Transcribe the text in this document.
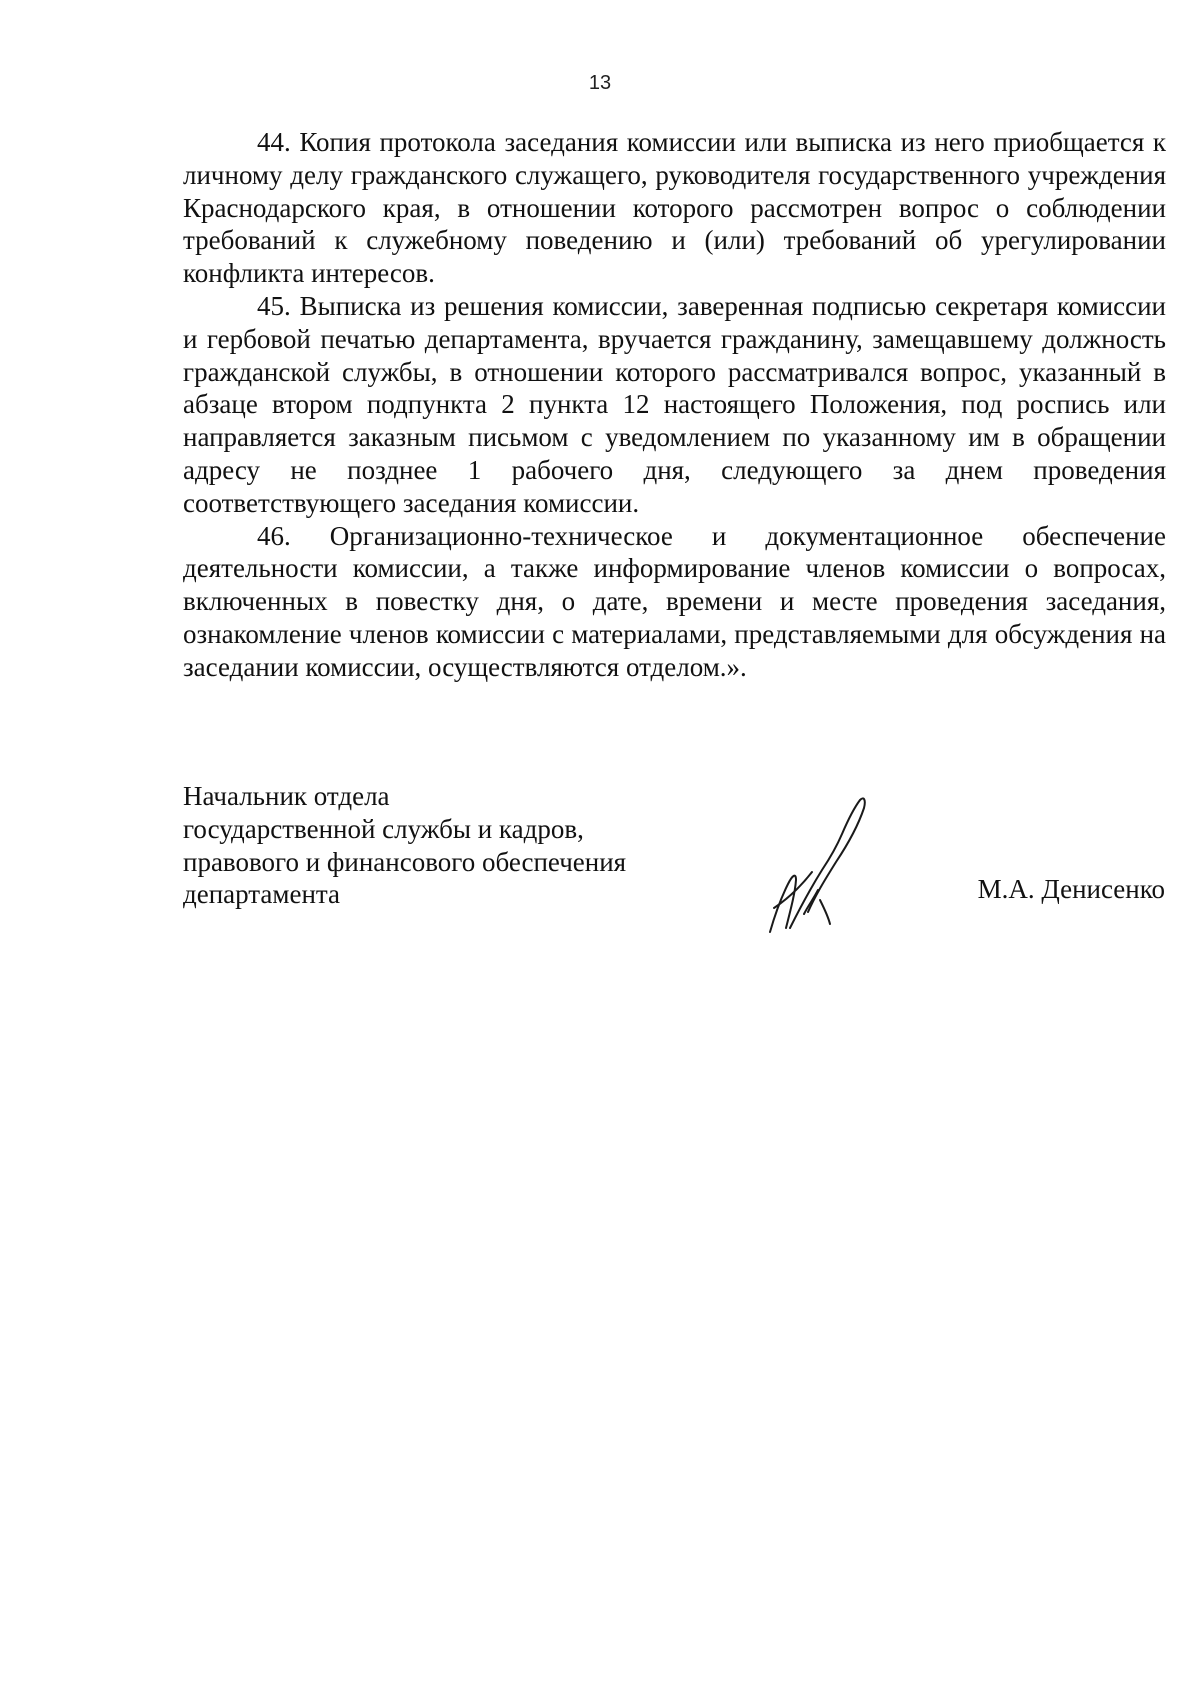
13

44. Копия протокола заседания комиссии или выписка из него приобщается к личному делу гражданского служащего, руководителя государственного учреждения Краснодарского края, в отношении которого рассмотрен вопрос о соблюдении требований к служебному поведению и (или) требований об урегулировании конфликта интересов.

45. Выписка из решения комиссии, заверенная подписью секретаря комиссии и гербовой печатью департамента, вручается гражданину, замещавшему должность гражданской службы, в отношении которого рассматривался вопрос, указанный в абзаце втором подпункта 2 пункта 12 настоящего Положения, под роспись или направляется заказным письмом с уведомлением по указанному им в обращении адресу не позднее 1 рабочего дня, следующего за днем проведения соответствующего заседания комиссии.

46. Организационно-техническое и документационное обеспечение деятельности комиссии, а также информирование членов комиссии о вопросах, включенных в повестку дня, о дате, времени и месте проведения заседания, ознакомление членов комиссии с материалами, представляемыми для обсуждения на заседании комиссии, осуществляются отделом.».

Начальник отдела
государственной службы и кадров,
правового и финансового обеспечения
департамента	М.А. Денисенко
